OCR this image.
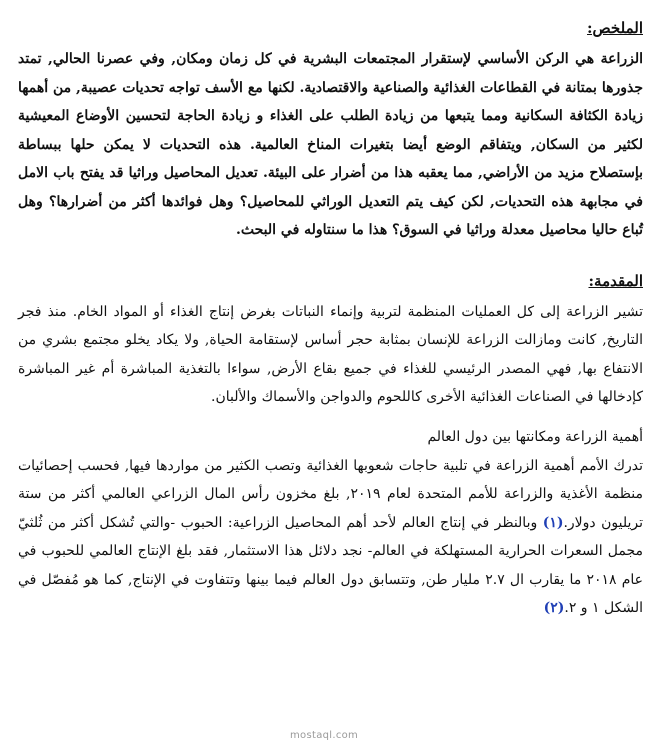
الملخص:

الزراعة هي الركن الأساسي لإستقرار المجتمعات البشرية في كل زمان ومكان, وفي عصرنا الحالي, تمتد جذورها بمتانة في القطاعات الغذائية والصناعية والاقتصادية. لكنها مع الأسف تواجه تحديات عصيبة, من أهمها زيادة الكثافة السكانية ومما يتبعها من زيادة الطلب على الغذاء و زيادة الحاجة لتحسين الأوضاع المعيشية لكثير من السكان, ويتفاقم الوضع أيضا بتغيرات المناخ العالمية. هذه التحديات لا يمكن حلها ببساطة بإستصلاح مزيد من الأراضي, مما يعقبه هذا من أضرار على البيئة. تعديل المحاصيل وراثيا قد يفتح باب الامل في مجابهة هذه التحديات, لكن كيف يتم التعديل الوراثي للمحاصيل؟ وهل فوائدها أكثر من أضرارها؟ وهل تُباع حاليا محاصيل معدلة وراثيا في السوق؟ هذا ما سنتاوله في البحث.

المقدمة:

تشير الزراعة إلى كل العمليات المنظمة لتربية وإنماء النباتات بغرض إنتاج الغذاء أو المواد الخام. منذ فجر التاريخ, كانت ومازالت الزراعة للإنسان بمثابة حجر أساس لإستقامة الحياة, ولا يكاد يخلو مجتمع بشري من الانتفاع بها, فهي المصدر الرئيسي للغذاء في جميع بقاع الأرض, سواءا بالتغذية المباشرة أم غير المباشرة كإدخالها في الصناعات الغذائية الأخرى كاللحوم والدواجن والأسماك والألبان.

أهمية الزراعة ومكانتها بين دول العالم

تدرك الأمم أهمية الزراعة في تلبية حاجات شعوبها الغذائية وتصب الكثير من مواردها فيها, فحسب إحصائيات منظمة الأغذية والزراعة للأمم المتحدة لعام ٢٠١٩, بلغ مخزون رأس المال الزراعي العالمي أكثر من ستة تريليون دولار.(١) وبالنظر في إنتاج العالم لأحد أهم المحاصيل الزراعية: الحبوب -والتي تُشكل أكثر من ثُلثيّ مجمل السعرات الحرارية المستهلكة في العالم- نجد دلائل هذا الاستثمار, فقد بلغ الإنتاج العالمي للحبوب في عام ٢٠١٨ ما يقارب ال ٢.٧ مليار طن, وتتسابق دول العالم فيما بينها وتتفاوت في الإنتاج, كما هو مُفصّل في الشكل ١ و ٢.(٢)

mostaql.com
